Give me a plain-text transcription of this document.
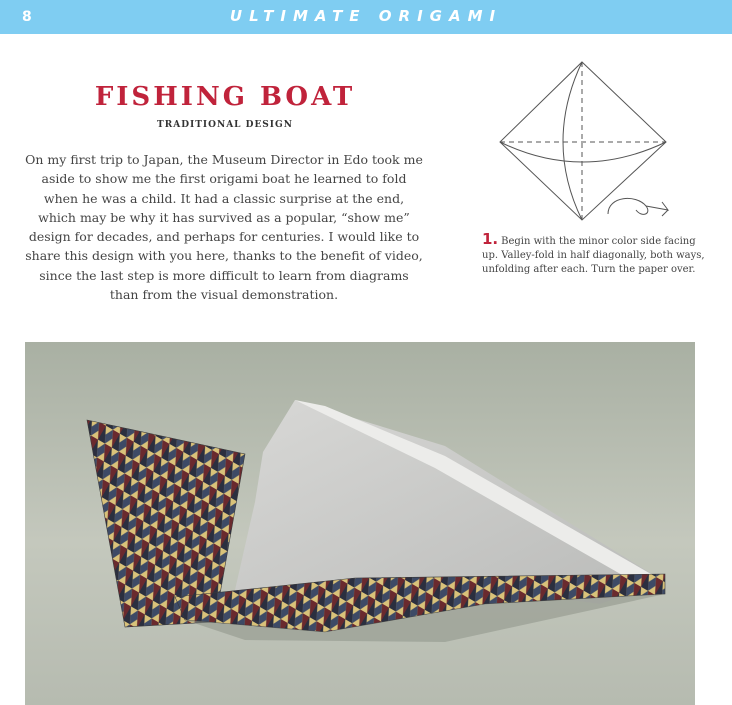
8	ULTIMATE ORIGAMI
FISHING BOAT
TRADITIONAL DESIGN

On my first trip to Japan, the Museum Director in Edo took me aside to show me the first origami boat he learned to fold when he was a child. It had a classic surprise at the end, which may be why it has survived as a popular, “show me” design for decades, and perhaps for centuries. I would like to share this design with you here, thanks to the benefit of video, since the last step is more difficult to learn from diagrams than from the visual demonstration.

1. Begin with the minor color side facing up. Valley-fold in half diagonally, both ways, unfolding after each. Turn the paper over.
